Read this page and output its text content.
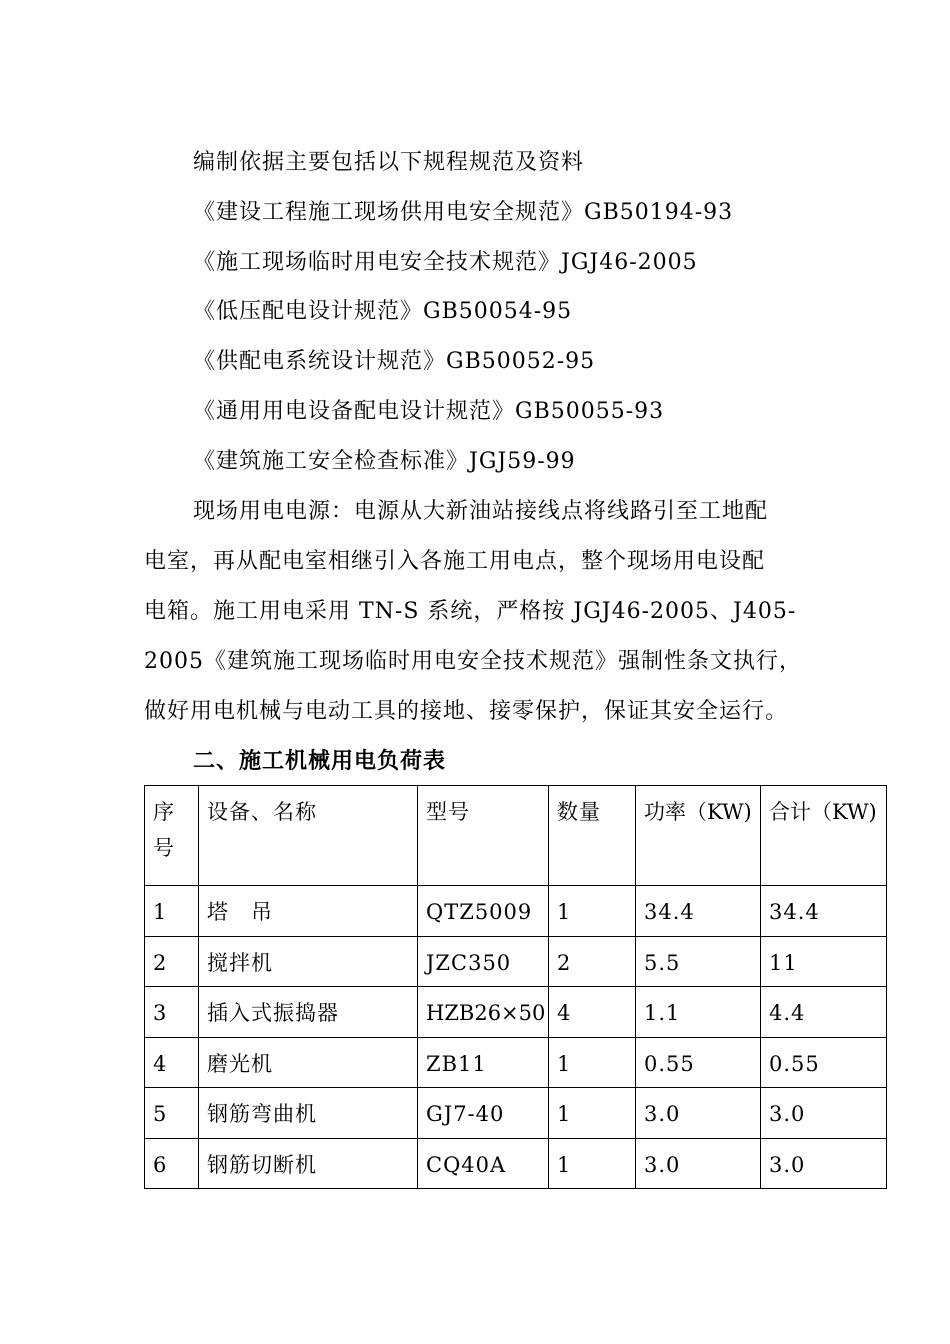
编制依据主要包括以下规程规范及资料
《建设工程施工现场供用电安全规范》GB50194-93
《施工现场临时用电安全技术规范》JGJ46-2005
《低压配电设计规范》GB50054-95
《供配电系统设计规范》GB50052-95
《通用用电设备配电设计规范》GB50055-93
《建筑施工安全检查标准》JGJ59-99
现场用电电源：电源从大新油站接线点将线路引至工地配
电室，再从配电室相继引入各施工用电点，整个现场用电设配
电箱。施工用电采用 TN-S 系统，严格按 JGJ46-2005、J405-
2005《建筑施工现场临时用电安全技术规范》强制性条文执行，
做好用电机械与电动工具的接地、接零保护，保证其安全运行。
二、施工机械用电负荷表
序号	设备、名称	型号	数量	功率（KW)	合计（KW)
1	塔　吊	QTZ5009	1	34.4	34.4
2	搅拌机	JZC350	2	5.5	11
3	插入式振捣器	HZB26×50	4	1.1	4.4
4	磨光机	ZB11	1	0.55	0.55
5	钢筋弯曲机	GJ7-40	1	3.0	3.0
6	钢筋切断机	CQ40A	1	3.0	3.0
